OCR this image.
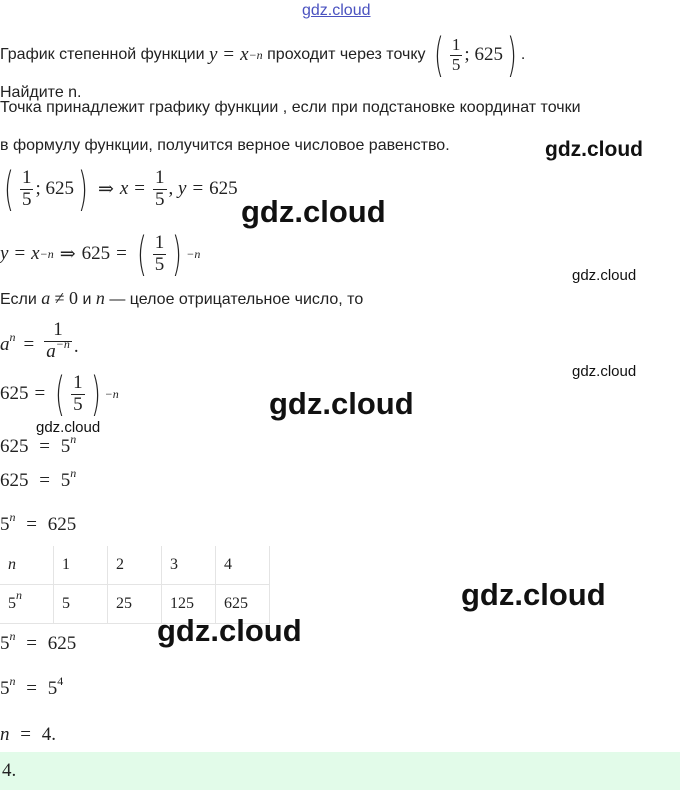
gdz.cloud
График степенной функции
y = x −n
проходит через точку
( $\frac{1}{5}$ ; 625 ) .
Найдите n.
Точка принадлежит графику функции , если при подстановке координат точки
в формулу функции, получится верное числовое равенство.
( $\frac{1}{5}$ ; 625 ) ⇒ $x = \frac{1}{5}$ ,
y = 625
y = x −n ⇒ 625 = ( $\frac{1}{5}$ ) −n
Если a ≠ 0 и n — целое отрицательное число, то
$a^n = \frac{1}{a^{-n}}$ .
625 = ( $\frac{1}{5}$ ) −n
$625 = 5^n$
$625 = 5^n$
$5^n = 625$
n	1	2	3	4
5$^n$	5	25	125	625
$5^n = 625$
$5^n = 5^4$
n = 4.
4.
gdz.cloud
gdz.cloud
gdz.cloud
gdz.cloud
gdz.cloud
gdz.cloud
gdz.cloud
gdz.cloud
